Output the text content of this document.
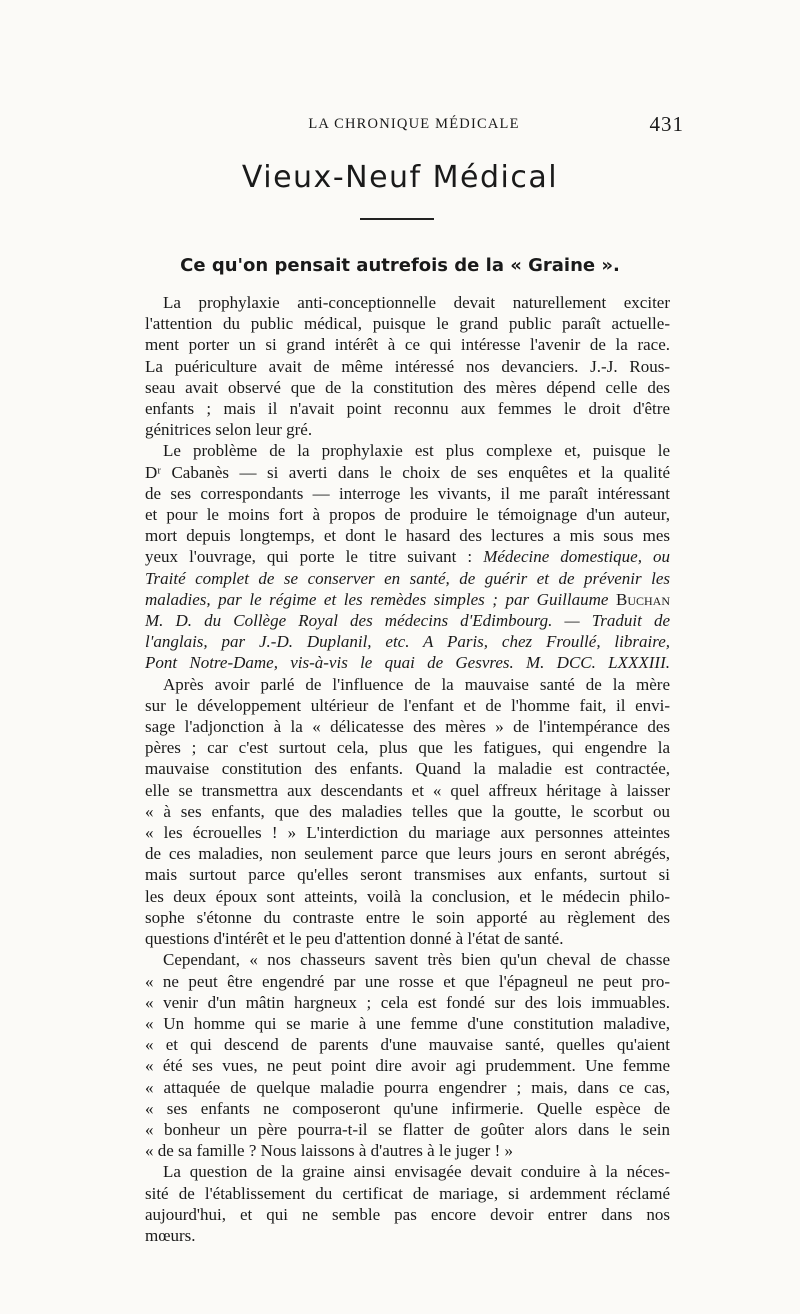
LA CHRONIQUE MÉDICALE	431
Vieux-Neuf Médical
Ce qu'on pensait autrefois de la « Graine ».

La prophylaxie anti-conceptionnelle devait naturellement exciter
l'attention du public médical, puisque le grand public paraît actuelle-
ment porter un si grand intérêt à ce qui intéresse l'avenir de la race.
La puériculture avait de même intéressé nos devanciers. J.-J. Rous-
seau avait observé que de la constitution des mères dépend celle des
enfants ; mais il n'avait point reconnu aux femmes le droit d'être
génitrices selon leur gré.

Le problème de la prophylaxie est plus complexe et, puisque le
Dʳ Cabanès — si averti dans le choix de ses enquêtes et la qualité
de ses correspondants — interroge les vivants, il me paraît intéressant
et pour le moins fort à propos de produire le témoignage d'un auteur,
mort depuis longtemps, et dont le hasard des lectures a mis sous mes
yeux l'ouvrage, qui porte le titre suivant : Médecine domestique, ou
Traité complet de se conserver en santé, de guérir et de prévenir les
maladies, par le régime et les remèdes simples ; par Guillaume Buchan
M. D. du Collège Royal des médecins d'Edimbourg. — Traduit de
l'anglais, par J.-D. Duplanil, etc. A Paris, chez Froullé, libraire,
Pont Notre-Dame, vis-à-vis le quai de Gesvres. M. DCC. LXXXIII.

Après avoir parlé de l'influence de la mauvaise santé de la mère
sur le développement ultérieur de l'enfant et de l'homme fait, il envi-
sage l'adjonction à la « délicatesse des mères » de l'intempérance des
pères ; car c'est surtout cela, plus que les fatigues, qui engendre la
mauvaise constitution des enfants. Quand la maladie est contractée,
elle se transmettra aux descendants et « quel affreux héritage à laisser
« à ses enfants, que des maladies telles que la goutte, le scorbut ou
« les écrouelles ! » L'interdiction du mariage aux personnes atteintes
de ces maladies, non seulement parce que leurs jours en seront abrégés,
mais surtout parce qu'elles seront transmises aux enfants, surtout si
les deux époux sont atteints, voilà la conclusion, et le médecin philo-
sophe s'étonne du contraste entre le soin apporté au règlement des
questions d'intérêt et le peu d'attention donné à l'état de santé.

Cependant, « nos chasseurs savent très bien qu'un cheval de chasse
« ne peut être engendré par une rosse et que l'épagneul ne peut pro-
« venir d'un mâtin hargneux ; cela est fondé sur des lois immuables.
« Un homme qui se marie à une femme d'une constitution maladive,
« et qui descend de parents d'une mauvaise santé, quelles qu'aient
« été ses vues, ne peut point dire avoir agi prudemment. Une femme
« attaquée de quelque maladie pourra engendrer ; mais, dans ce cas,
« ses enfants ne composeront qu'une infirmerie. Quelle espèce de
« bonheur un père pourra-t-il se flatter de goûter alors dans le sein
« de sa famille ? Nous laissons à d'autres à le juger ! »

La question de la graine ainsi envisagée devait conduire à la néces-
sité de l'établissement du certificat de mariage, si ardemment réclamé
aujourd'hui, et qui ne semble pas encore devoir entrer dans nos
mœurs.
